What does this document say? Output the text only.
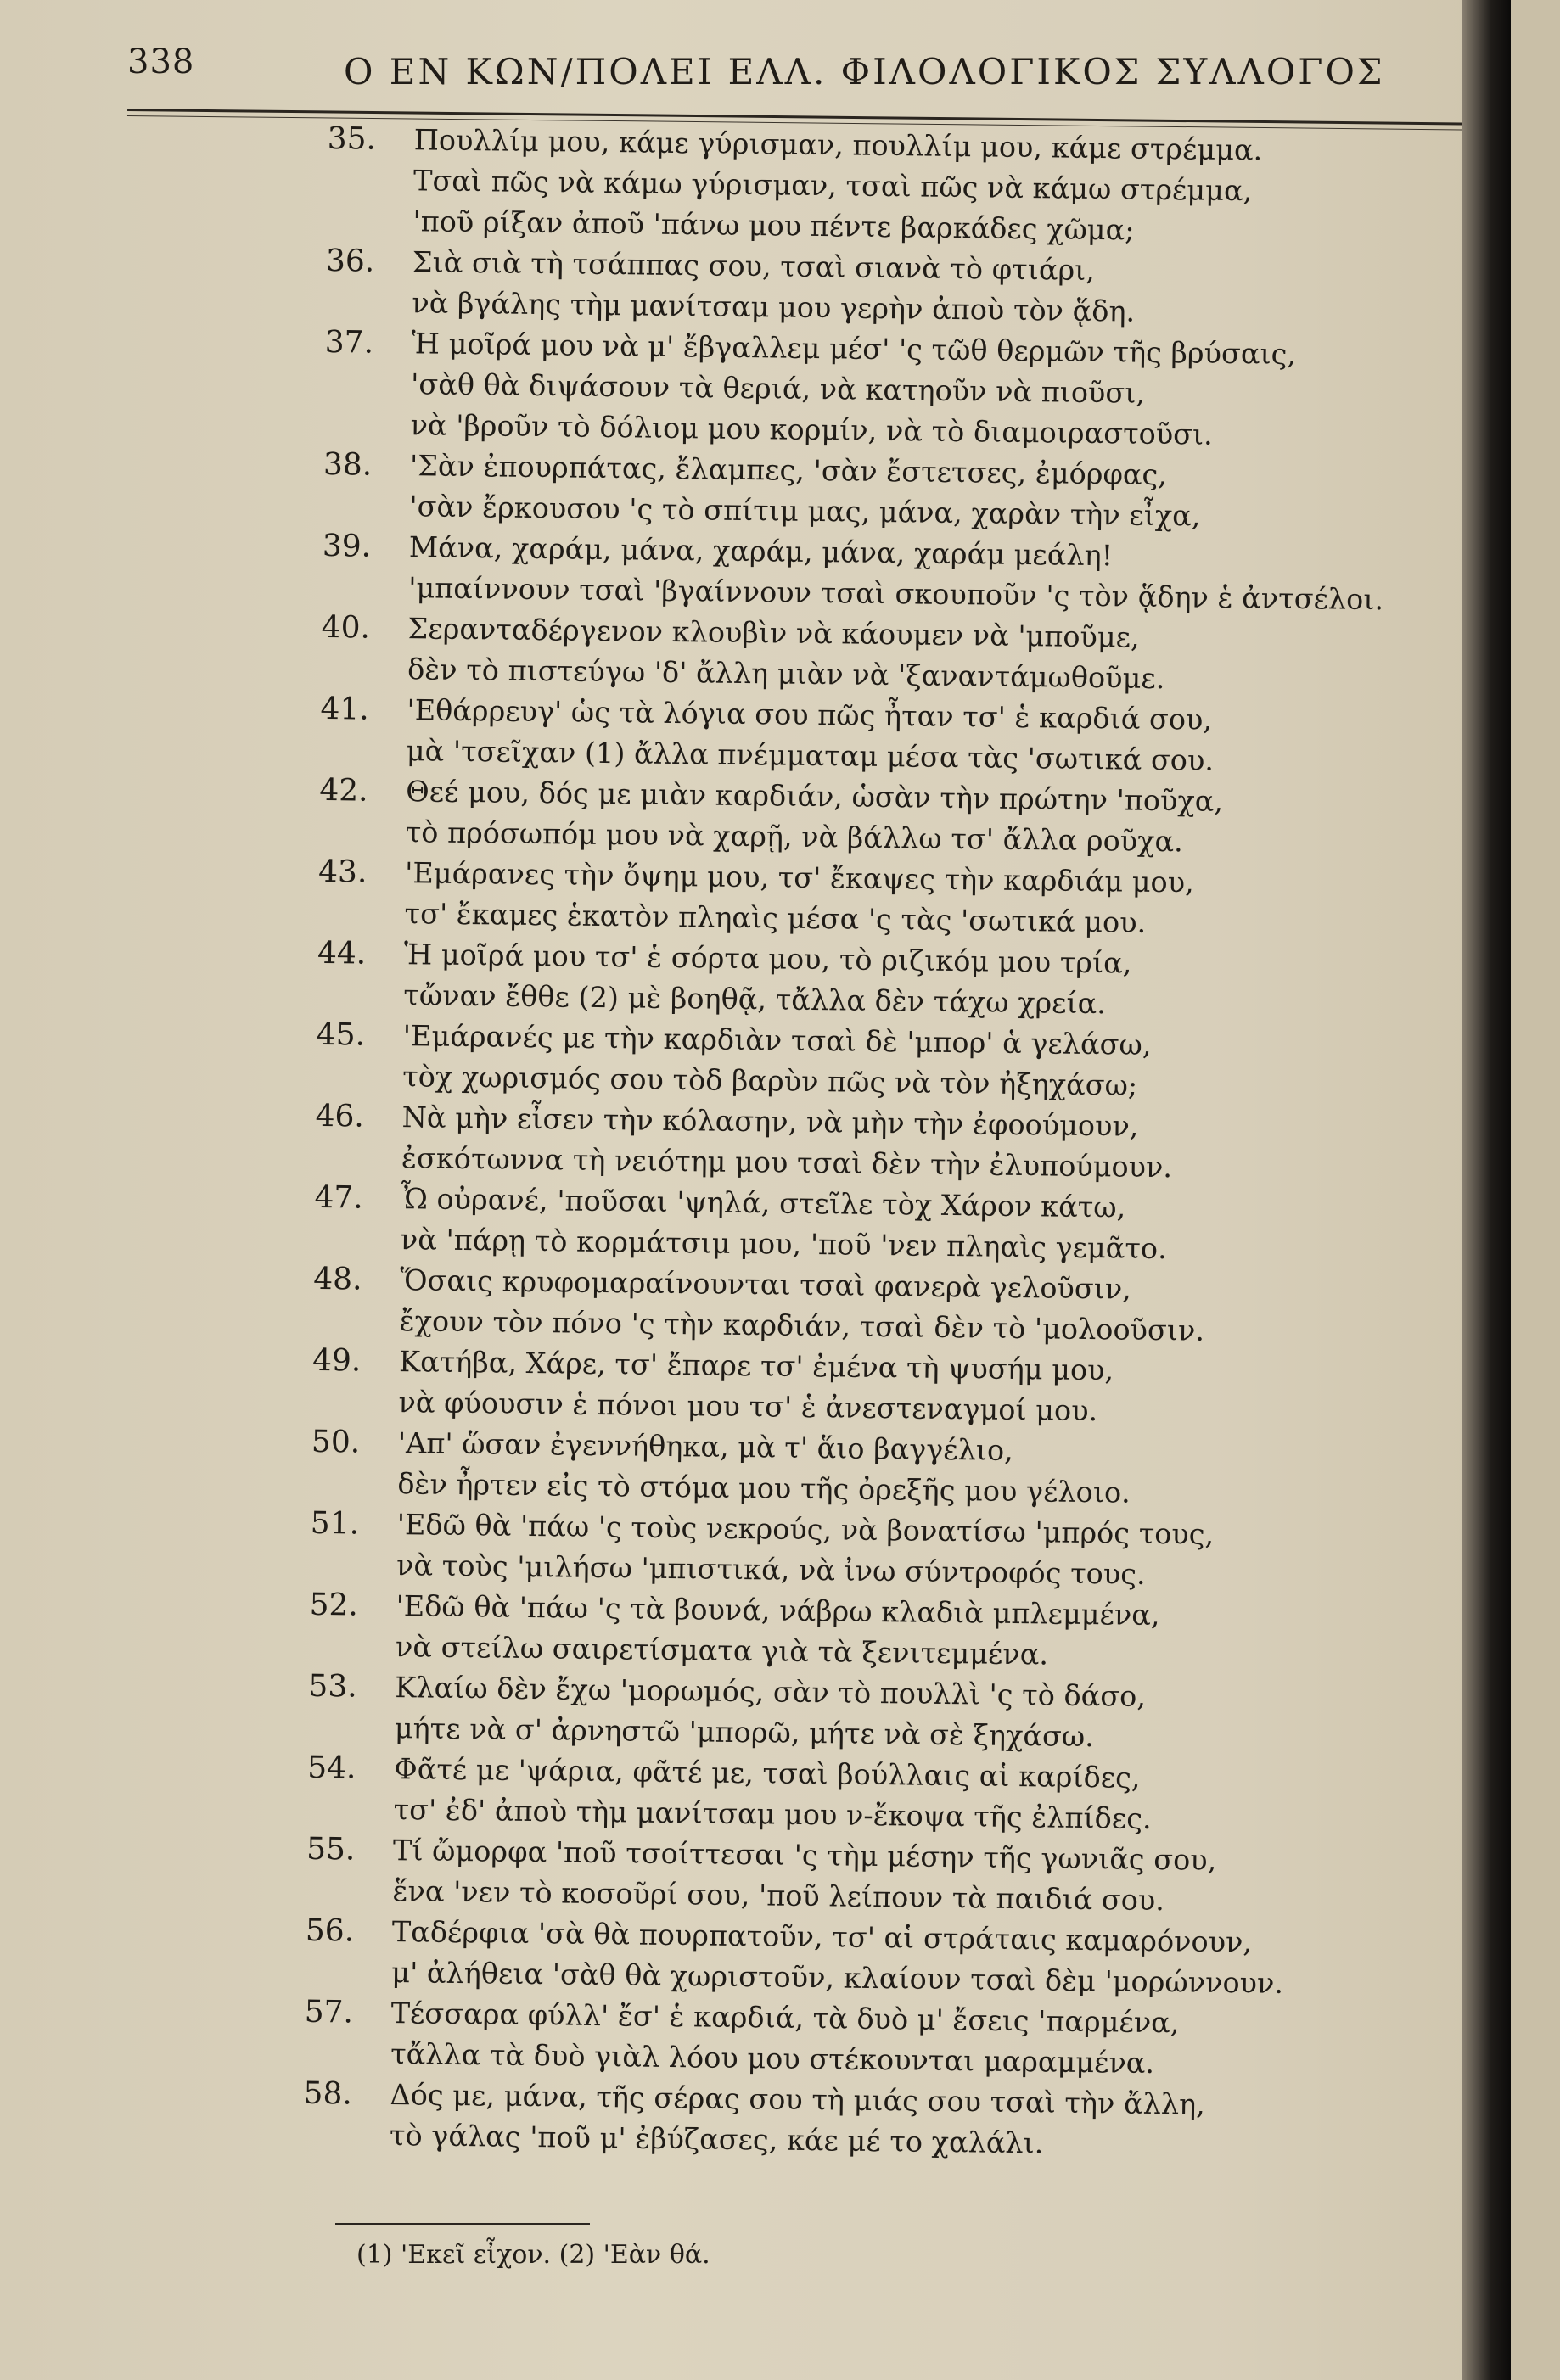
338	Ο ΕΝ ΚΩΝ/ΠΟΛΕΙ ΕΛΛ. ΦΙΛΟΛΟΓΙΚΟΣ ΣΥΛΛΟΓΟΣ
35. Πουλλίμ μου, κάμε γύρισμαν, πουλλίμ μου, κάμε στρέμμα.
Τσαὶ πῶς νὰ κάμω γύρισμαν, τσαὶ πῶς νὰ κάμω στρέμμα,
'ποῦ ρίξαν ἀποῦ 'πάνω μου πέντε βαρκάδες χῶμα;
36. Σιὰ σιὰ τὴ τσάππας σου, τσαὶ σιανὰ τὸ φτιάρι,
νὰ βγάλης τὴμ μανίτσαμ μου γερὴν ἀποὺ τὸν ᾅδη.
37. Ἡ μοῖρά μου νὰ μ' ἔβγαλλεμ μέσ' 'ς τῶθ θερμῶν τῆς βρύσαις,
'σὰθ θὰ διψάσουν τὰ θεριά, νὰ κατηοῦν νὰ πιοῦσι,
νὰ 'βροῦν τὸ δόλιομ μου κορμίν, νὰ τὸ διαμοιραστοῦσι.
38. 'Σὰν ἐπουρπάτας, ἔλαμπες, 'σὰν ἔστετσες, ἐμόρφας,
'σὰν ἔρκουσου 'ς τὸ σπίτιμ μας, μάνα, χαρὰν τὴν εἶχα,
39. Μάνα, χαράμ, μάνα, χαράμ, μάνα, χαράμ μεάλη!
'μπαίννουν τσαὶ 'βγαίννουν τσαὶ σκουποῦν 'ς τὸν ᾅδην ἑ ἀντσέλοι.
40. Σερανταδέργενον κλουβὶν νὰ κάουμεν νὰ 'μποῦμε,
δὲν τὸ πιστεύγω 'δ' ἄλλη μιὰν νὰ 'ξαναντάμωθοῦμε.
41. 'Εθάρρευγ' ὡς τὰ λόγια σου πῶς ἦταν τσ' ἑ καρδιά σου,
μὰ 'τσεῖχαν (1) ἄλλα πνέμματαμ μέσα τὰς 'σωτικά σου.
42. Θεέ μου, δός με μιὰν καρδιάν, ὡσὰν τὴν πρώτην 'ποῦχα,
τὸ πρόσωπόμ μου νὰ χαρῇ, νὰ βάλλω τσ' ἄλλα ροῦχα.
43. 'Εμάρανες τὴν ὄψημ μου, τσ' ἔκαψες τὴν καρδιάμ μου,
τσ' ἔκαμες ἑκατὸν πληαὶς μέσα 'ς τὰς 'σωτικά μου.
44. Ἡ μοῖρά μου τσ' ἑ σόρτα μου, τὸ ριζικόμ μου τρία,
τὤναν ἔθθε (2) μὲ βοηθᾷ, τἄλλα δὲν τάχω χρεία.
45. 'Εμάρανές με τὴν καρδιὰν τσαὶ δὲ 'μπορ' ἁ γελάσω,
τὸχ χωρισμός σου τὸδ βαρὺν πῶς νὰ τὸν ἠξηχάσω;
46. Νὰ μὴν εἶσεν τὴν κόλασην, νὰ μὴν τὴν ἐφοούμουν,
ἐσκότωννα τὴ νειότημ μου τσαὶ δὲν τὴν ἐλυπούμουν.
47. Ὦ οὐρανέ, 'ποῦσαι 'ψηλά, στεῖλε τὸχ Χάρον κάτω,
νὰ 'πάρῃ τὸ κορμάτσιμ μου, 'ποῦ 'νεν πληαὶς γεμᾶτο.
48. Ὅσαις κρυφομαραίνουνται τσαὶ φανερὰ γελοῦσιν,
ἔχουν τὸν πόνο 'ς τὴν καρδιάν, τσαὶ δὲν τὸ 'μολοοῦσιν.
49. Κατήβα, Χάρε, τσ' ἔπαρε τσ' ἐμένα τὴ ψυσήμ μου,
νὰ φύουσιν ἑ πόνοι μου τσ' ἑ ἀνεστεναγμοί μου.
50. 'Απ' ὥσαν ἐγεννήθηκα, μὰ τ' ἅιο βαγγέλιο,
δὲν ἦρτεν εἰς τὸ στόμα μου τῆς ὀρεξῆς μου γέλοιο.
51. 'Εδῶ θὰ 'πάω 'ς τοὺς νεκρούς, νὰ βονατίσω 'μπρός τους,
νὰ τοὺς 'μιλήσω 'μπιστικά, νὰ ἰνω σύντροφός τους.
52. 'Εδῶ θὰ 'πάω 'ς τὰ βουνά, νάβρω κλαδιὰ μπλεμμένα,
νὰ στείλω σαιρετίσματα γιὰ τὰ ξενιτεμμένα.
53. Κλαίω δὲν ἔχω 'μορωμός, σὰν τὸ πουλλὶ 'ς τὸ δάσο,
μήτε νὰ σ' ἀρνηστῶ 'μπορῶ, μήτε νὰ σὲ ξηχάσω.
54. Φᾶτέ με 'ψάρια, φᾶτέ με, τσαὶ βούλλαις αἱ καρίδες,
τσ' ἐδ' ἀποὺ τὴμ μανίτσαμ μου ν-ἔκοψα τῆς ἐλπίδες.
55. Τί ὤμορφα 'ποῦ τσοίττεσαι 'ς τὴμ μέσην τῆς γωνιᾶς σου,
ἕνα 'νεν τὸ κοσοῦρί σου, 'ποῦ λείπουν τὰ παιδιά σου.
56. Ταδέρφια 'σὰ θὰ πουρπατοῦν, τσ' αἱ στράταις καμαρόνουν,
μ' ἀλήθεια 'σὰθ θὰ χωριστοῦν, κλαίουν τσαὶ δὲμ 'μορώννουν.
57. Τέσσαρα φύλλ' ἔσ' ἑ καρδιά, τὰ δυὸ μ' ἔσεις 'παρμένα,
τἄλλα τὰ δυὸ γιὰλ λόου μου στέκουνται μαραμμένα.
58. Δός με, μάνα, τῆς σέρας σου τὴ μιάς σου τσαὶ τὴν ἄλλη,
τὸ γάλας 'ποῦ μ' ἐβύζασες, κάε μέ το χαλάλι.
(1) 'Εκεῖ εἶχον. (2) 'Εὰν θά.
